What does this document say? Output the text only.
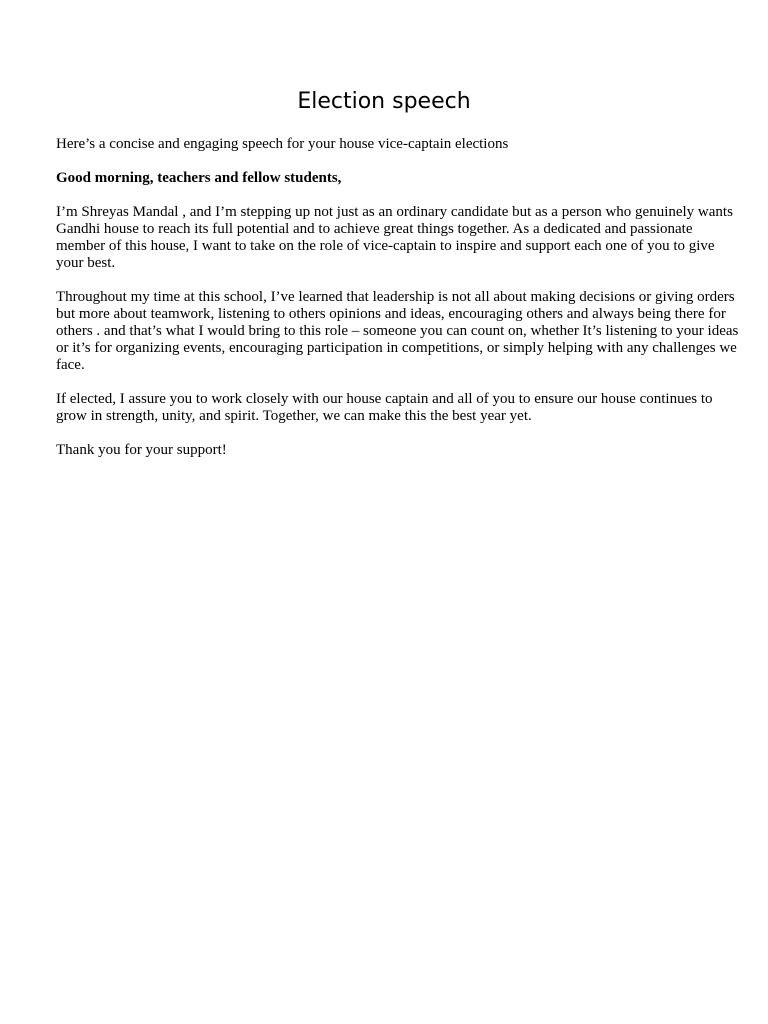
Election speech

Here’s a concise and engaging speech for your house vice-captain elections

Good morning, teachers and fellow students,

I’m Shreyas Mandal , and I’m stepping up not just as an ordinary candidate but as a person who genuinely wants Gandhi house to reach its full potential and to achieve great things together. As a dedicated and passionate member of this house, I want to take on the role of vice-captain to inspire and support each one of you to give your best.

Throughout my time at this school, I’ve learned that leadership is not all about making decisions or giving orders but more about teamwork, listening to others opinions and ideas, encouraging others and always being there for others . and that’s what I would bring to this role – someone you can count on, whether It’s listening to your ideas or it’s for organizing events, encouraging participation in competitions, or simply helping with any challenges we face.

If elected, I assure you to work closely with our house captain and all of you to ensure our house continues to grow in strength, unity, and spirit. Together, we can make this the best year yet.

Thank you for your support!
